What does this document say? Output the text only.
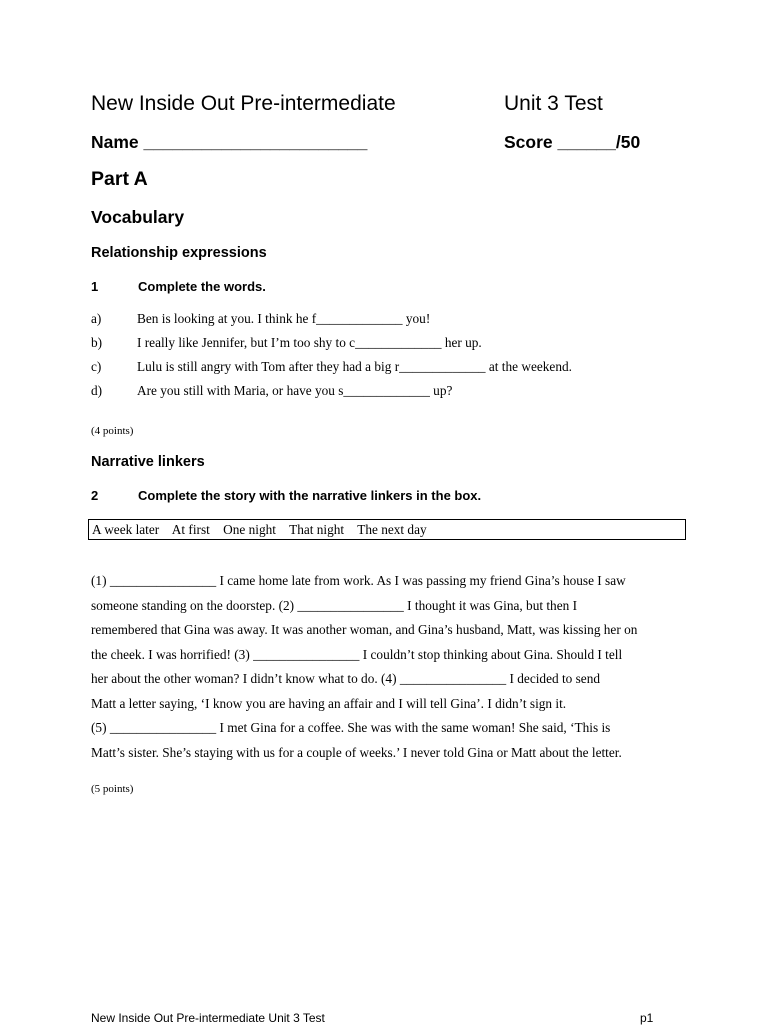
New Inside Out Pre-intermediate	Unit 3 Test
Name _______________________	Score ______/50
Part A
Vocabulary
Relationship expressions
1	Complete the words.
a)	Ben is looking at you. I think he f_____________ you!
b)	I really like Jennifer, but I’m too shy to c_____________ her up.
c)	Lulu is still angry with Tom after they had a big r_____________ at the weekend.
d)	Are you still with Maria, or have you s_____________ up?
(4 points)
Narrative linkers
2	Complete the story with the narrative linkers in the box.
A week later At first One night That night The next day
(1) ________________ I came home late from work. As I was passing my friend Gina’s house I saw
someone standing on the doorstep. (2) ________________ I thought it was Gina, but then I
remembered that Gina was away. It was another woman, and Gina’s husband, Matt, was kissing her on
the cheek. I was horrified! (3) ________________ I couldn’t stop thinking about Gina. Should I tell
her about the other woman? I didn’t know what to do. (4) ________________ I decided to send
Matt a letter saying, ‘I know you are having an affair and I will tell Gina’. I didn’t sign it.
(5) ________________ I met Gina for a coffee. She was with the same woman! She said, ‘This is
Matt’s sister. She’s staying with us for a couple of weeks.’ I never told Gina or Matt about the letter.
(5 points)
New Inside Out Pre-intermediate Unit 3 Test	p1
